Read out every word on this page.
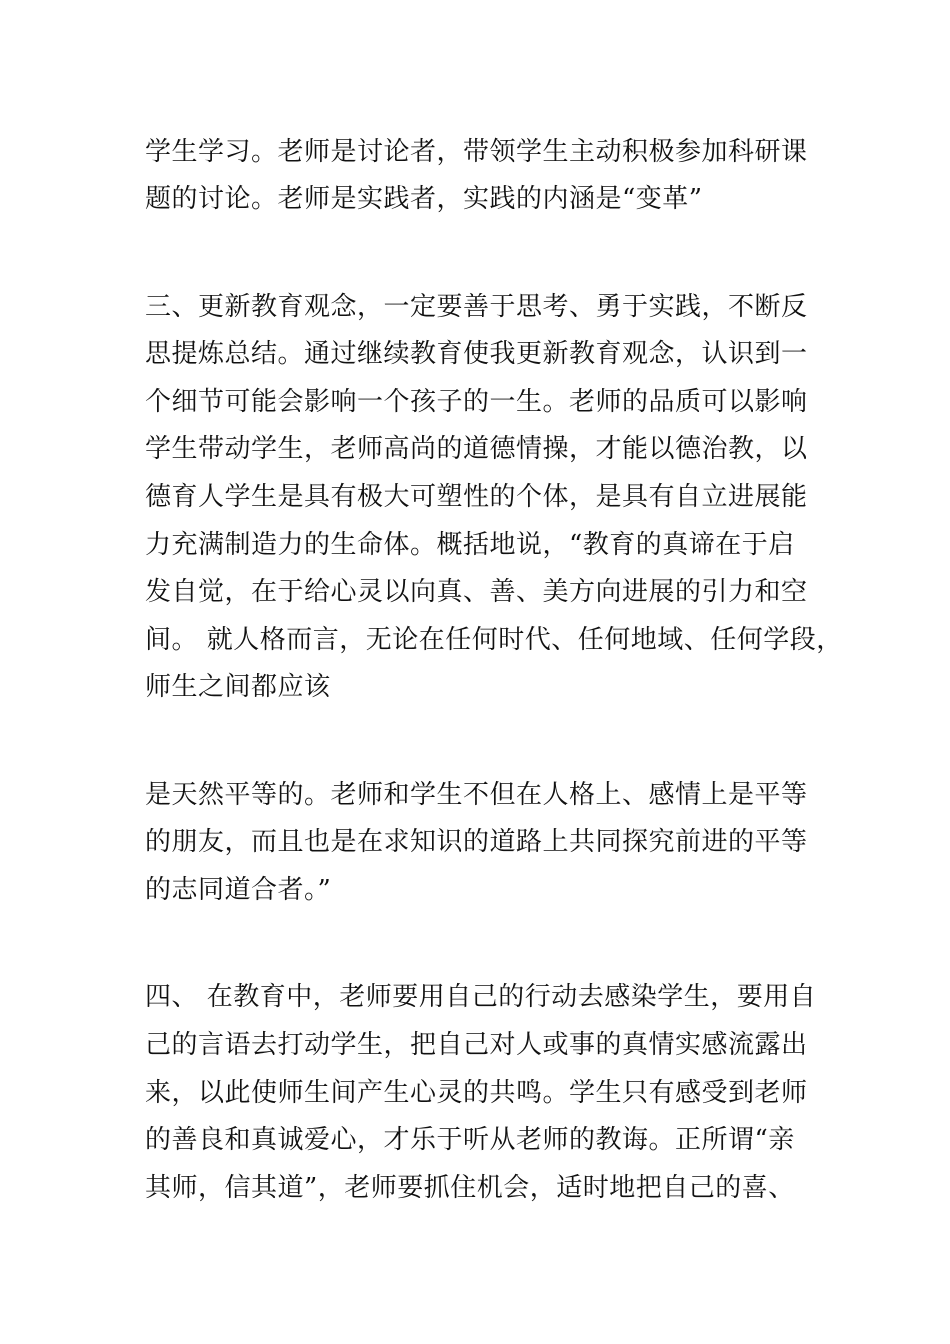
学生学习。老师是讨论者，带领学生主动积极参加科研课
题的讨论。老师是实践者，实践的内涵是“变革”
三、更新教育观念，一定要善于思考、勇于实践，不断反
思提炼总结。通过继续教育使我更新教育观念，认识到一
个细节可能会影响一个孩子的一生。老师的品质可以影响
学生带动学生，老师高尚的道德情操，才能以德治教，以
德育人学生是具有极大可塑性的个体，是具有自立进展能
力充满制造力的生命体。概括地说，“教育的真谛在于启
发自觉，在于给心灵以向真、善、美方向进展的引力和空
间。 就人格而言，无论在任何时代、任何地域、任何学段，
师生之间都应该
是天然平等的。老师和学生不但在人格上、感情上是平等
的朋友，而且也是在求知识的道路上共同探究前进的平等
的志同道合者。”
四、 在教育中，老师要用自己的行动去感染学生，要用自
己的言语去打动学生，把自己对人或事的真情实感流露出
来，以此使师生间产生心灵的共鸣。学生只有感受到老师
的善良和真诚爱心，才乐于听从老师的教诲。正所谓“亲
其师，信其道”，老师要抓住机会，适时地把自己的喜、
